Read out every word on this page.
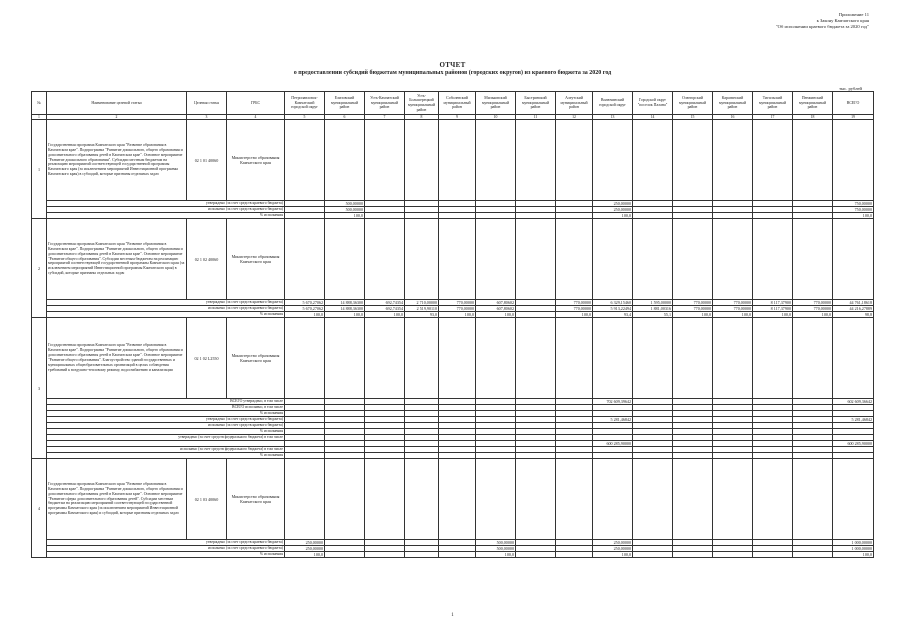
Приложение 11
к Закону Камчатского края
"Об исполнении краевого бюджета за 2020 год"
ОТЧЕТ
о предоставлении субсидий бюджетам муниципальных районов (городских округов) из краевого бюджета за 2020 год
тыс. рублей
№	Наименование целевой статьи	Целевая статья	ГРБС	Петропавловск-Камчатский городской округ	Елизовский муниципальный район	Усть-Камчатский муниципальный район	Усть-Большерецкий муниципальный район	Соболевский муниципальный район	Мильковский муниципальный район	Быстринский муниципальный район	Алеутский муниципальный район	Вилючинский городской округ	Городской округ "поселок Палана"	Олюторский муниципальный район	Карагинский муниципальный район	Тигильский муниципальный район	Пенжинский муниципальный район	ВСЕГО
1	2	3	4	5	6	7	8	9	10	11	12	13	14	15	16	17	18	19
1	Государственная программа Камчатского края "Развитие образования в Камчатском крае". Подпрограмма "Развитие дошкольного, общего образования и дополнительного образования детей в Камчатском крае". Основное мероприятие "Развитие дошкольного образования". Субсидии местным бюджетам на реализацию мероприятий соответствующей государственной программы Камчатского края (за исключением мероприятий Инвестиционной программы Камчатского края) в субсидий, которые признаны отдельных задач	02 1 01 40060	Министерство образования Камчатского края															
	утверждено (за счет средств краевого бюджета)				500,00000							250,00000						750,00000
	исполнено (за счет средств краевого бюджета)				500,00000							250,00000						750,00000
	% исполнения				100,0							100,0						100,0
2	Государственная программа Камчатского края "Развитие образования в Камчатском крае". Подпрограмма "Развитие дошкольного, общего образования и дополнительного образования детей в Камчатском крае". Основное мероприятие "Развитие общего образования". Субсидии местным бюджетам на реализацию мероприятий соответствующей государственной программы Камчатского края (за исключением мероприятий Инвестиционной программы Камчатского края) в субсидий, которые признаны отдельных задач	02 1 02 40060	Министерство образования Камчатского края															
	утверждено (за счет средств краевого бюджета)			5 670,27062	14 888,36300	692,74354	2 710,00000	770,00000	607,80602		770,00000	6 329,15460	1 595,00000	770,00000	770,00000	8 117,37900	770,00000	44 761,18618
	исполнено (за счет средств краевого бюджета)			5 670,27062	14 888,36300	692,74354	2 519,90110	770,00000	607,80602		770,00000	5 913,22494	1 881,00316	770,00000	770,00000	8 117,37900	770,00000	44 216,27889
	% исполнения			100,0	100,0	100,0	93,0	100,0	100,0		100,0	93,4	55,1	100,0	100,0	100,0	100,0	98,8
3	Государственная программа Камчатского края "Развитие образования в Камчатском крае". Подпрограмма "Развитие дошкольного, общего образования и дополнительного образования детей в Камчатском крае". Основное мероприятие "Развитие общего образования". Благоустройство зданий государственных и муниципальных общеобразовательных организаций в целях соблюдения требований к воздушно-тепловому режиму, водоснабжению и канализации	02 1 02 L2550	Министерство образования Камчатского края															
	ВСЕГО утверждено, в том числе											702 609,39642						602 609,36642
	ВСЕГО исполнено, в том числе																	
	% исполнения																	
	утверждено (за счет средств краевого бюджета)											5 281,46842						5 281,46842
	исполнено (за счет средств краевого бюджета)																	
	% исполнения																	
	утверждено (за счет средств федерального бюджета) в том числе																	
												600 285,90000						600 285,90000
	исполнено (за счет средств федерального бюджета) в том числе																	
	% исполнения																	
4	Государственная программа Камчатского края "Развитие образования в Камчатском крае". Подпрограмма "Развитие дошкольного, общего образования и дополнительного образования детей в Камчатском крае". Основное мероприятие "Развитие сферы дополнительного образования детей". Субсидии местным бюджетам на реализацию мероприятий соответствующей государственной программы Камчатского края (за исключением мероприятий Инвестиционной программы Камчатского края) и субсидий, которые признаны отдельных задач	02 1 03 40060	Министерство образования Камчатского края															
	утверждено (за счет средств краевого бюджета)			250,00000					500,00000			250,00000						1 000,00000
	исполнено (за счет средств краевого бюджета)			250,00000					500,00000			250,00000						1 000,00000
	% исполнения			100,0					100,0			100,0						100,0
1
